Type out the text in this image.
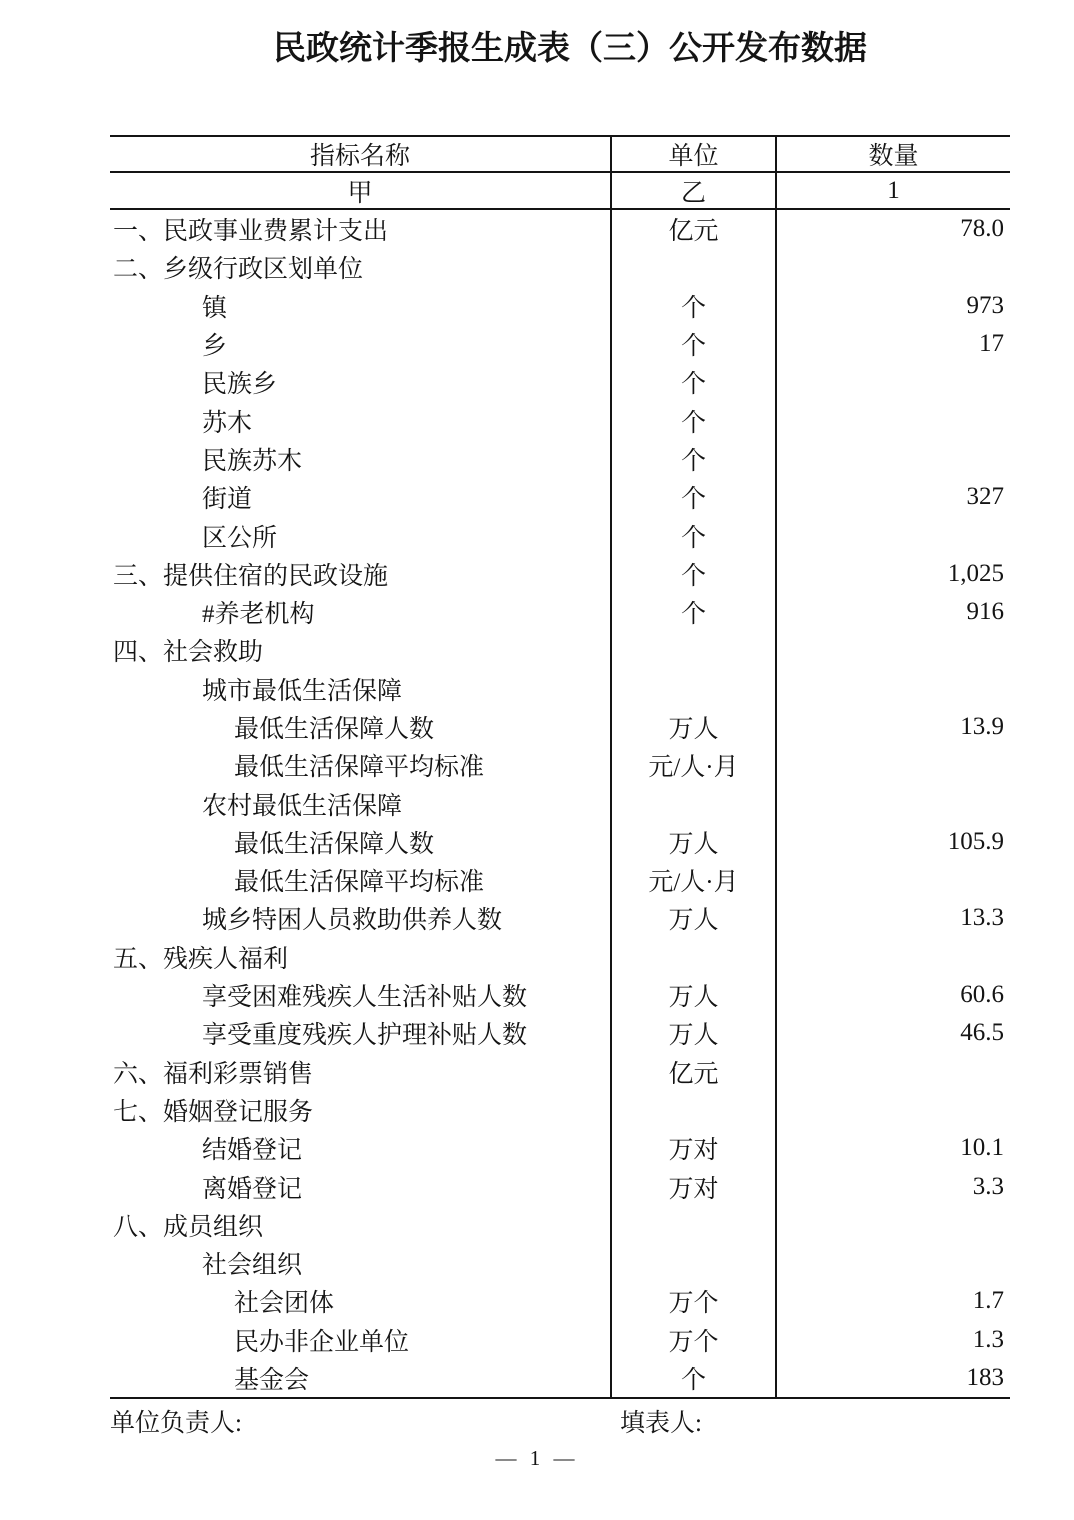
民政统计季报生成表（三）公开发布数据
指标名称	单位	数量
甲	乙	1
一、民政事业费累计支出	亿元	78.0
二、乡级行政区划单位
镇	个	973
乡	个	17
民族乡	个
苏木	个
民族苏木	个
街道	个	327
区公所	个
三、提供住宿的民政设施	个	1,025
#养老机构	个	916
四、社会救助
城市最低生活保障
最低生活保障人数	万人	13.9
最低生活保障平均标准	元/人·月
农村最低生活保障
最低生活保障人数	万人	105.9
最低生活保障平均标准	元/人·月
城乡特困人员救助供养人数	万人	13.3
五、残疾人福利
享受困难残疾人生活补贴人数	万人	60.6
享受重度残疾人护理补贴人数	万人	46.5
六、福利彩票销售	亿元
七、婚姻登记服务
结婚登记	万对	10.1
离婚登记	万对	3.3
八、成员组织
社会组织
社会团体	万个	1.7
民办非企业单位	万个	1.3
基金会	个	183
单位负责人:	填表人:
— 1 —
